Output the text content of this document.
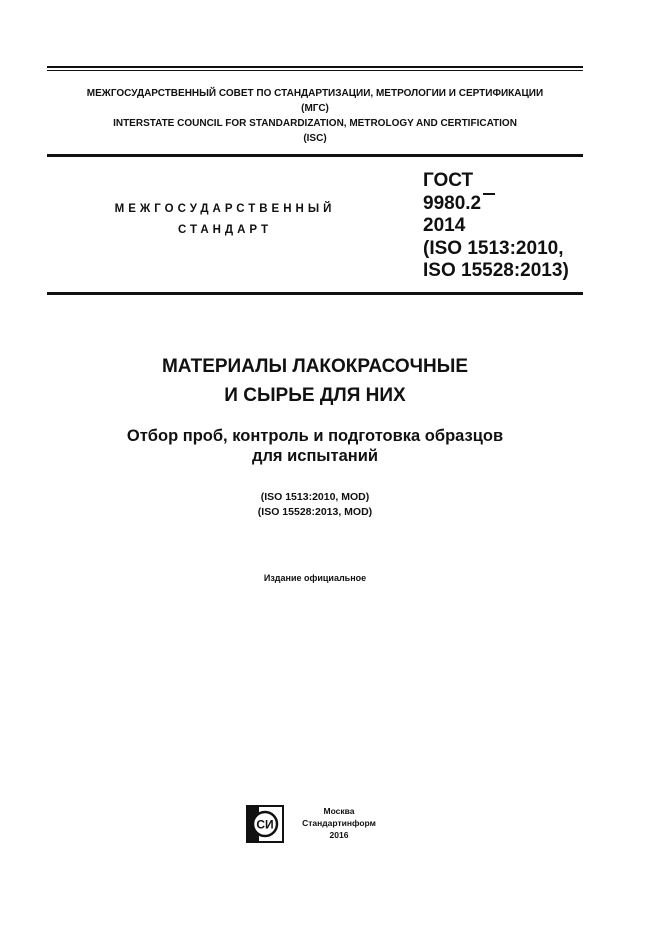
МЕЖГОСУДАРСТВЕННЫЙ СОВЕТ ПО СТАНДАРТИЗАЦИИ, МЕТРОЛОГИИ И СЕРТИФИКАЦИИ
(МГС)
INTERSTATE COUNCIL FOR STANDARDIZATION, METROLOGY AND CERTIFICATION
(ISC)
МЕЖГОСУДАРСТВЕННЫЙ
СТАНДАРТ
ГОСТ
9980.2
2014
(ISO 1513:2010,
ISO 15528:2013)
МАТЕРИАЛЫ ЛАКОКРАСОЧНЫЕ
И СЫРЬЕ ДЛЯ НИХ
Отбор проб, контроль и подготовка образцов
для испытаний
(ISO 1513:2010, MOD)
(ISO 15528:2013, MOD)
Издание официальное
СИ
Москва
Стандартинформ
2016
